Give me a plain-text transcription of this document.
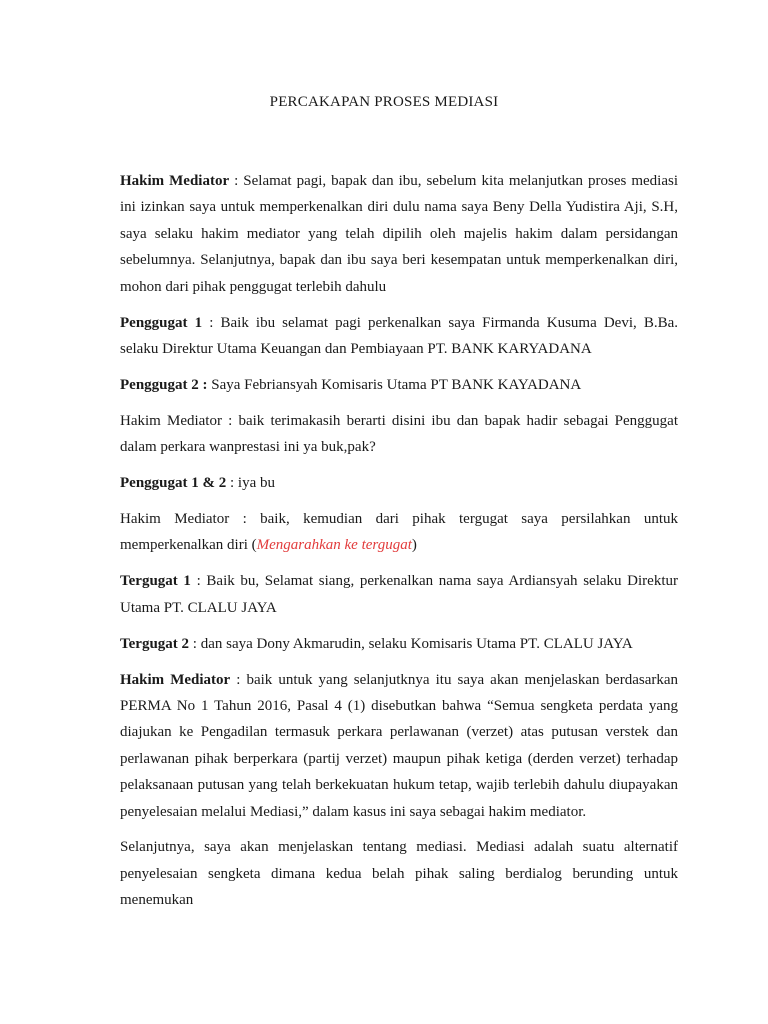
PERCAKAPAN PROSES MEDIASI

Hakim Mediator : Selamat pagi, bapak dan ibu, sebelum kita melanjutkan proses mediasi ini izinkan saya untuk memperkenalkan diri dulu nama saya Beny Della Yudistira Aji, S.H, saya selaku hakim mediator yang telah dipilih oleh majelis hakim dalam persidangan sebelumnya. Selanjutnya, bapak dan ibu saya beri kesempatan untuk memperkenalkan diri, mohon dari pihak penggugat terlebih dahulu

Penggugat 1 : Baik ibu selamat pagi perkenalkan saya Firmanda Kusuma Devi, B.Ba. selaku Direktur Utama Keuangan dan Pembiayaan PT. BANK KARYADANA

Penggugat 2 : Saya Febriansyah Komisaris Utama PT BANK KAYADANA

Hakim Mediator : baik terimakasih berarti disini ibu dan bapak hadir sebagai Penggugat dalam perkara wanprestasi ini ya buk,pak?

Penggugat 1 & 2 : iya bu

Hakim Mediator : baik, kemudian dari pihak tergugat saya persilahkan untuk memperkenalkan diri (Mengarahkan ke tergugat)

Tergugat 1 : Baik bu, Selamat siang, perkenalkan nama saya Ardiansyah selaku Direktur Utama PT. CLALU JAYA

Tergugat 2 : dan saya Dony Akmarudin, selaku Komisaris Utama PT. CLALU JAYA

Hakim Mediator : baik untuk yang selanjutknya itu saya akan menjelaskan berdasarkan PERMA No 1 Tahun 2016, Pasal 4 (1) disebutkan bahwa “Semua sengketa perdata yang diajukan ke Pengadilan termasuk perkara perlawanan (verzet) atas putusan verstek dan perlawanan pihak berperkara (partij verzet) maupun pihak ketiga (derden verzet) terhadap pelaksanaan putusan yang telah berkekuatan hukum tetap, wajib terlebih dahulu diupayakan penyelesaian melalui Mediasi,” dalam kasus ini saya sebagai hakim mediator.

Selanjutnya, saya akan menjelaskan tentang mediasi. Mediasi adalah suatu alternatif penyelesaian sengketa dimana kedua belah pihak saling berdialog berunding untuk menemukan
